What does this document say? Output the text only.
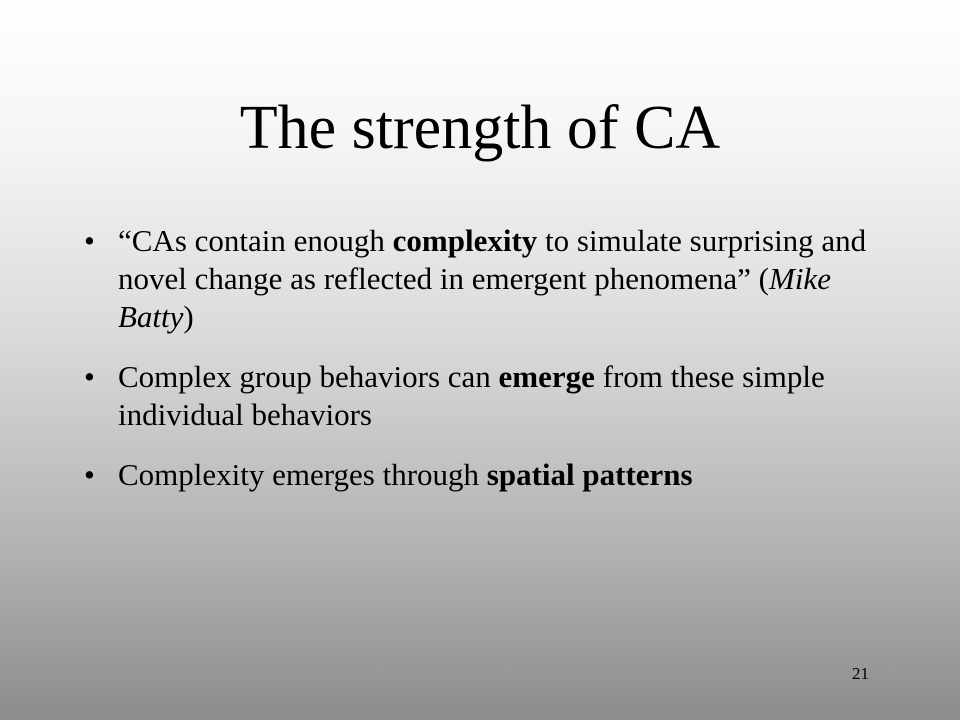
The strength of CA
• “CAs contain enough complexity to simulate surprising and novel change as reflected in emergent phenomena” (Mike Batty)
• Complex group behaviors can emerge from these simple individual behaviors
• Complexity emerges through spatial patterns
21
